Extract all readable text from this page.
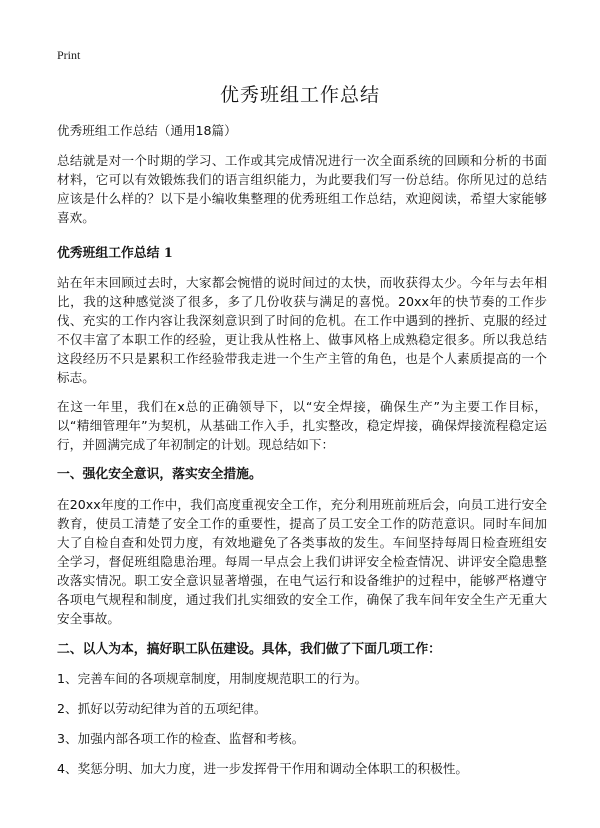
Print
优秀班组工作总结

优秀班组工作总结（通用18篇）

总结就是对一个时期的学习、工作或其完成情况进行一次全面系统的回顾和分析的书面材料，它可以有效锻炼我们的语言组织能力，为此要我们写一份总结。你所见过的总结应该是什么样的？以下是小编收集整理的优秀班组工作总结，欢迎阅读，希望大家能够喜欢。

优秀班组工作总结 1

站在年末回顾过去时，大家都会惋惜的说时间过的太快，而收获得太少。今年与去年相比，我的这种感觉淡了很多，多了几份收获与满足的喜悦。20xx年的快节奏的工作步伐、充实的工作内容让我深刻意识到了时间的危机。在工作中遇到的挫折、克服的经过不仅丰富了本职工作的经验，更让我从性格上、做事风格上成熟稳定很多。所以我总结这段经历不只是累积工作经验带我走进一个生产主管的角色，也是个人素质提高的一个标志。

在这一年里，我们在x总的正确领导下，以“安全焊接，确保生产”为主要工作目标，以“精细管理年”为契机，从基础工作入手，扎实整改，稳定焊接，确保焊接流程稳定运行，并圆满完成了年初制定的计划。现总结如下：

一、强化安全意识，落实安全措施。

在20xx年度的工作中，我们高度重视安全工作，充分利用班前班后会，向员工进行安全教育，使员工清楚了安全工作的重要性，提高了员工安全工作的防范意识。同时车间加大了自检自查和处罚力度，有效地避免了各类事故的发生。车间坚持每周日检查班组安全学习，督促班组隐患治理。每周一早点会上我们讲评安全检查情况、讲评安全隐患整改落实情况。职工安全意识显著增强，在电气运行和设备维护的过程中，能够严格遵守各项电气规程和制度，通过我们扎实细致的安全工作，确保了我车间年安全生产无重大安全事故。

二、以人为本，搞好职工队伍建设。具体，我们做了下面几项工作：

1、完善车间的各项规章制度，用制度规范职工的行为。

2、抓好以劳动纪律为首的五项纪律。

3、加强内部各项工作的检查、监督和考核。

4、奖惩分明、加大力度，进一步发挥骨干作用和调动全体职工的积极性。
